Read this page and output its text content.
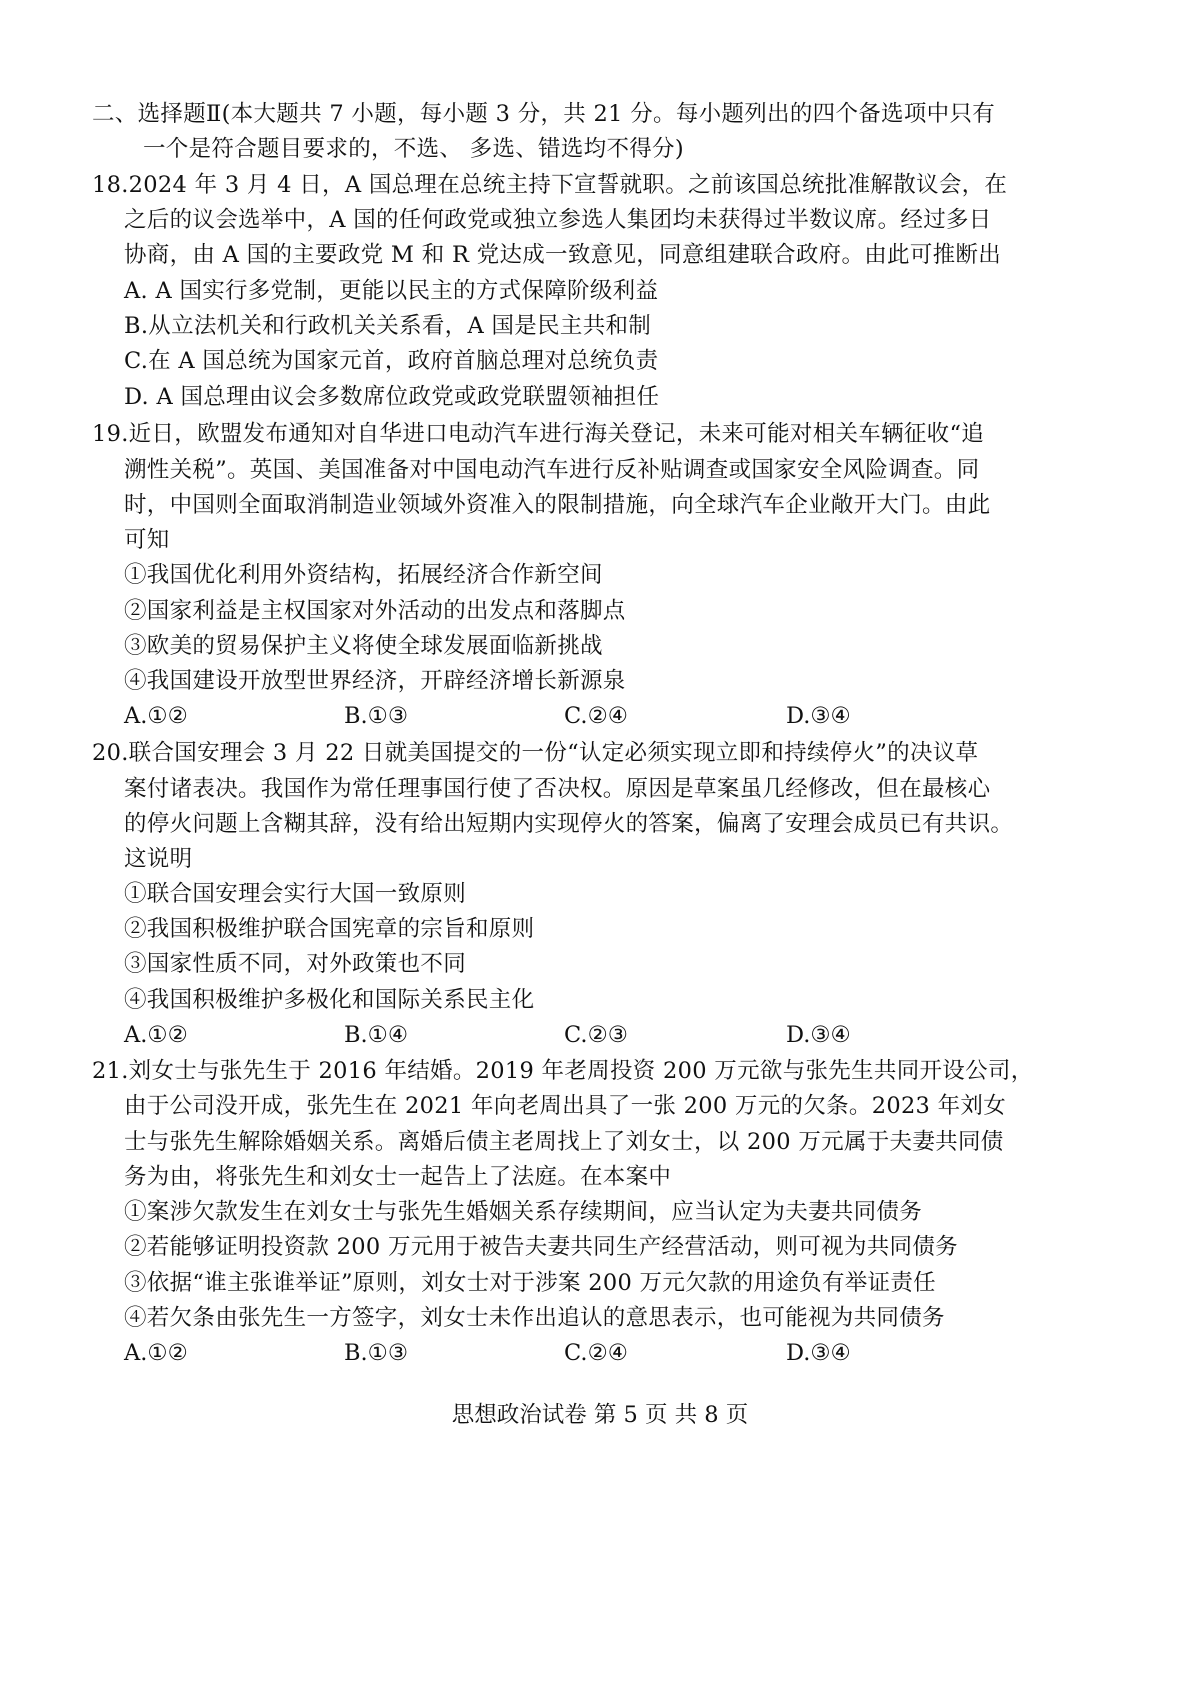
二、选择题Ⅱ(本大题共 7 小题，每小题 3 分，共 21 分。每小题列出的四个备选项中只有
一个是符合题目要求的，不选、 多选、错选均不得分)
18.2024 年 3 月 4 日，A 国总理在总统主持下宣誓就职。之前该国总统批准解散议会，在
之后的议会选举中，A 国的任何政党或独立参选人集团均未获得过半数议席。经过多日
协商，由 A 国的主要政党 M 和 R 党达成一致意见，同意组建联合政府。由此可推断出
A. A 国实行多党制，更能以民主的方式保障阶级利益
B.从立法机关和行政机关关系看，A 国是民主共和制
C.在 A 国总统为国家元首，政府首脑总理对总统负责
D. A 国总理由议会多数席位政党或政党联盟领袖担任
19.近日，欧盟发布通知对自华进口电动汽车进行海关登记，未来可能对相关车辆征收“追
溯性关税”。英国、美国准备对中国电动汽车进行反补贴调查或国家安全风险调查。同
时，中国则全面取消制造业领域外资准入的限制措施，向全球汽车企业敞开大门。由此
可知
①我国优化利用外资结构，拓展经济合作新空间
②国家利益是主权国家对外活动的出发点和落脚点
③欧美的贸易保护主义将使全球发展面临新挑战
④我国建设开放型世界经济，开辟经济增长新源泉
A.①②	B.①③	C.②④	D.③④
20.联合国安理会 3 月 22 日就美国提交的一份“认定必须实现立即和持续停火”的决议草
案付诸表决。我国作为常任理事国行使了否决权。原因是草案虽几经修改，但在最核心
的停火问题上含糊其辞，没有给出短期内实现停火的答案，偏离了安理会成员已有共识。
这说明
①联合国安理会实行大国一致原则
②我国积极维护联合国宪章的宗旨和原则
③国家性质不同，对外政策也不同
④我国积极维护多极化和国际关系民主化
A.①②	B.①④	C.②③	D.③④
21.刘女士与张先生于 2016 年结婚。2019 年老周投资 200 万元欲与张先生共同开设公司，
由于公司没开成，张先生在 2021 年向老周出具了一张 200 万元的欠条。2023 年刘女
士与张先生解除婚姻关系。离婚后债主老周找上了刘女士，以 200 万元属于夫妻共同债
务为由，将张先生和刘女士一起告上了法庭。在本案中
①案涉欠款发生在刘女士与张先生婚姻关系存续期间，应当认定为夫妻共同债务
②若能够证明投资款 200 万元用于被告夫妻共同生产经营活动，则可视为共同债务
③依据“谁主张谁举证”原则，刘女士对于涉案 200 万元欠款的用途负有举证责任
④若欠条由张先生一方签字，刘女士未作出追认的意思表示，也可能视为共同债务
A.①②	B.①③	C.②④	D.③④
思想政治试卷 第 5 页 共 8 页
